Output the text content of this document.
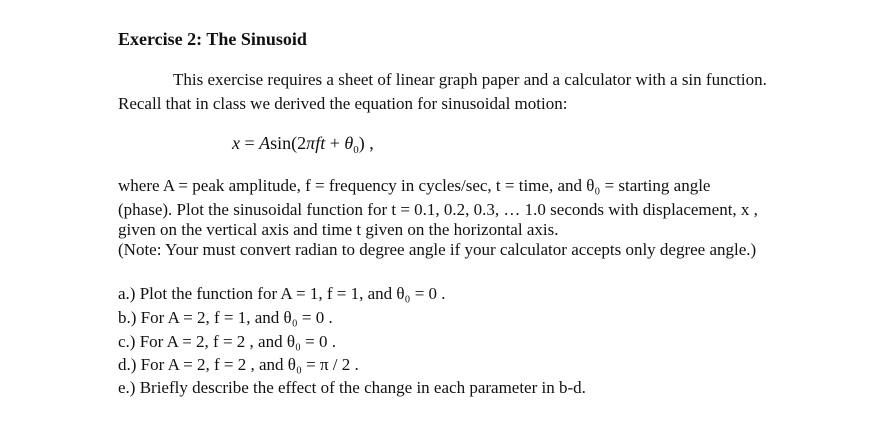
Exercise 2: The Sinusoid
This exercise requires a sheet of linear graph paper and a calculator with a sin function.
Recall that in class we derived the equation for sinusoidal motion:
$x = Asin(2\pi ft + \theta_0)$ ,
where A = peak amplitude, f = frequency in cycles/sec, t = time, and θ₀ = starting angle
(phase). Plot the sinusoidal function for t = 0.1, 0.2, 0.3, … 1.0 seconds with displacement, x ,
given on the vertical axis and time t given on the horizontal axis.
(Note: Your must convert radian to degree angle if your calculator accepts only degree angle.)
a.) Plot the function for A = 1, f = 1, and θ₀ = 0 .
b.) For A = 2, f = 1, and θ₀ = 0 .
c.) For A = 2, f = 2 , and θ₀ = 0 .
d.) For A = 2, f = 2 , and θ₀ = π / 2 .
e.) Briefly describe the effect of the change in each parameter in b-d.
